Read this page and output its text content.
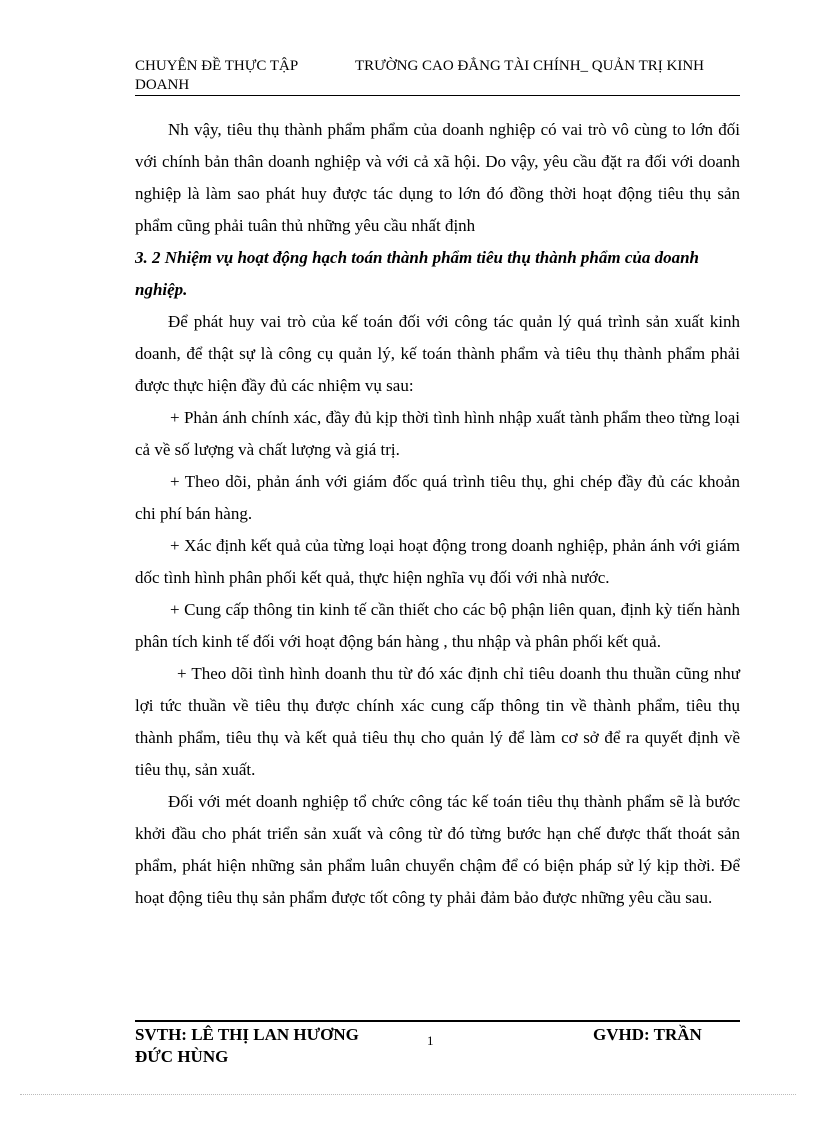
CHUYÊN ĐỀ THỰC TẬP	TRƯỜNG CAO ĐẲNG TÀI CHÍNH_ QUẢN TRỊ KINH
DOANH

Nh vậy, tiêu thụ thành phẩm phẩm của doanh nghiệp có vai trò vô cùng to lớn đối với chính bản thân doanh nghiệp và với cả xã hội. Do vậy, yêu cầu đặt ra đối với doanh nghiệp là làm sao phát huy được tác dụng to lớn đó đồng thời hoạt động tiêu thụ sản phẩm cũng phải tuân thủ những yêu cầu nhất định

3. 2 Nhiệm vụ hoạt động hạch toán thành phẩm tiêu thụ thành phẩm của doanh nghiệp.

Để phát huy vai trò của kế toán đối với công tác quản lý quá trình sản xuất kinh doanh, để thật sự là công cụ quản lý, kế toán thành phẩm và tiêu thụ thành phẩm phải được thực hiện đầy đủ các nhiệm vụ sau:

+ Phản ánh chính xác, đầy đủ kịp thời tình hình nhập xuất tành phẩm theo từng loại cả về số lượng và chất lượng và giá trị.

+ Theo dõi, phản ánh với giám đốc quá trình tiêu thụ, ghi chép đầy đủ các khoản chi phí bán hàng.

+ Xác định kết quả của từng loại hoạt động trong doanh nghiệp, phản ánh với giám dốc tình hình phân phối kết quả, thực hiện nghĩa vụ đối với nhà nước.

+ Cung cấp thông tin kinh tế cần thiết cho các bộ phận liên quan, định kỳ tiến hành phân tích kinh tế đối với hoạt động bán hàng , thu nhập và phân phối kết quả.

+ Theo dõi tình hình doanh thu từ đó xác định chỉ tiêu doanh thu thuần cũng như lợi tức thuần về tiêu thụ được chính xác cung cấp thông tin về thành phẩm, tiêu thụ thành phẩm, tiêu thụ và kết quả tiêu thụ cho quản lý để làm cơ sở để ra quyết định về tiêu thụ, sản xuất.

Đối với mét doanh nghiệp tổ chức công tác kế toán tiêu thụ thành phẩm sẽ là bước khởi đầu cho phát triển sản xuất và công từ đó từng bước hạn chế được thất thoát sản phẩm, phát hiện những sản phẩm luân chuyển chậm để có biện pháp sử lý kịp thời. Để hoạt động tiêu thụ sản phẩm được tốt công ty phải đảm bảo được những yêu cầu sau.

SVTH: LÊ THỊ LAN HƯƠNG	1	GVHD: TRẦN
ĐỨC HÙNG
